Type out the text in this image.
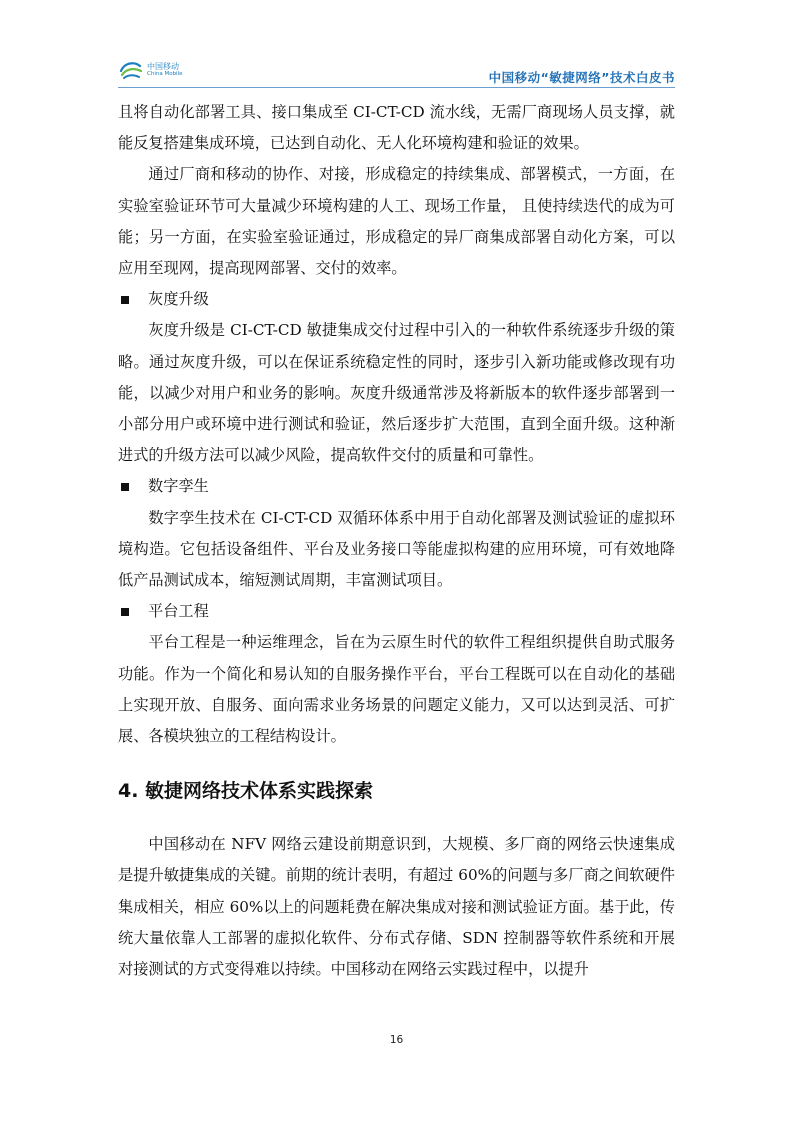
中国移动
China Mobile	中国移动“敏捷网络”技术白皮书

且将自动化部署工具、接口集成至 CI-CT-CD 流水线，无需厂商现场人员支撑，就能反复搭建集成环境，已达到自动化、无人化环境构建和验证的效果。

通过厂商和移动的协作、对接，形成稳定的持续集成、部署模式，一方面，在实验室验证环节可大量减少环境构建的人工、现场工作量， 且使持续迭代的成为可能；另一方面，在实验室验证通过，形成稳定的异厂商集成部署自动化方案，可以应用至现网，提高现网部署、交付的效率。

灰度升级

灰度升级是 CI-CT-CD 敏捷集成交付过程中引入的一种软件系统逐步升级的策略。通过灰度升级，可以在保证系统稳定性的同时，逐步引入新功能或修改现有功能，以减少对用户和业务的影响。灰度升级通常涉及将新版本的软件逐步部署到一小部分用户或环境中进行测试和验证，然后逐步扩大范围，直到全面升级。这种渐进式的升级方法可以减少风险，提高软件交付的质量和可靠性。

数字孪生

数字孪生技术在 CI-CT-CD 双循环体系中用于自动化部署及测试验证的虚拟环境构造。它包括设备组件、平台及业务接口等能虚拟构建的应用环境，可有效地降低产品测试成本，缩短测试周期，丰富测试项目。

平台工程

平台工程是一种运维理念，旨在为云原生时代的软件工程组织提供自助式服务功能。作为一个简化和易认知的自服务操作平台，平台工程既可以在自动化的基础上实现开放、自服务、面向需求业务场景的问题定义能力，又可以达到灵活、可扩展、各模块独立的工程结构设计。

4. 敏捷网络技术体系实践探索

中国移动在 NFV 网络云建设前期意识到，大规模、多厂商的网络云快速集成是提升敏捷集成的关键。前期的统计表明，有超过 60%的问题与多厂商之间软硬件集成相关，相应 60%以上的问题耗费在解决集成对接和测试验证方面。基于此，传统大量依靠人工部署的虚拟化软件、分布式存储、SDN 控制器等软件系统和开展对接测试的方式变得难以持续。中国移动在网络云实践过程中，以提升

16
